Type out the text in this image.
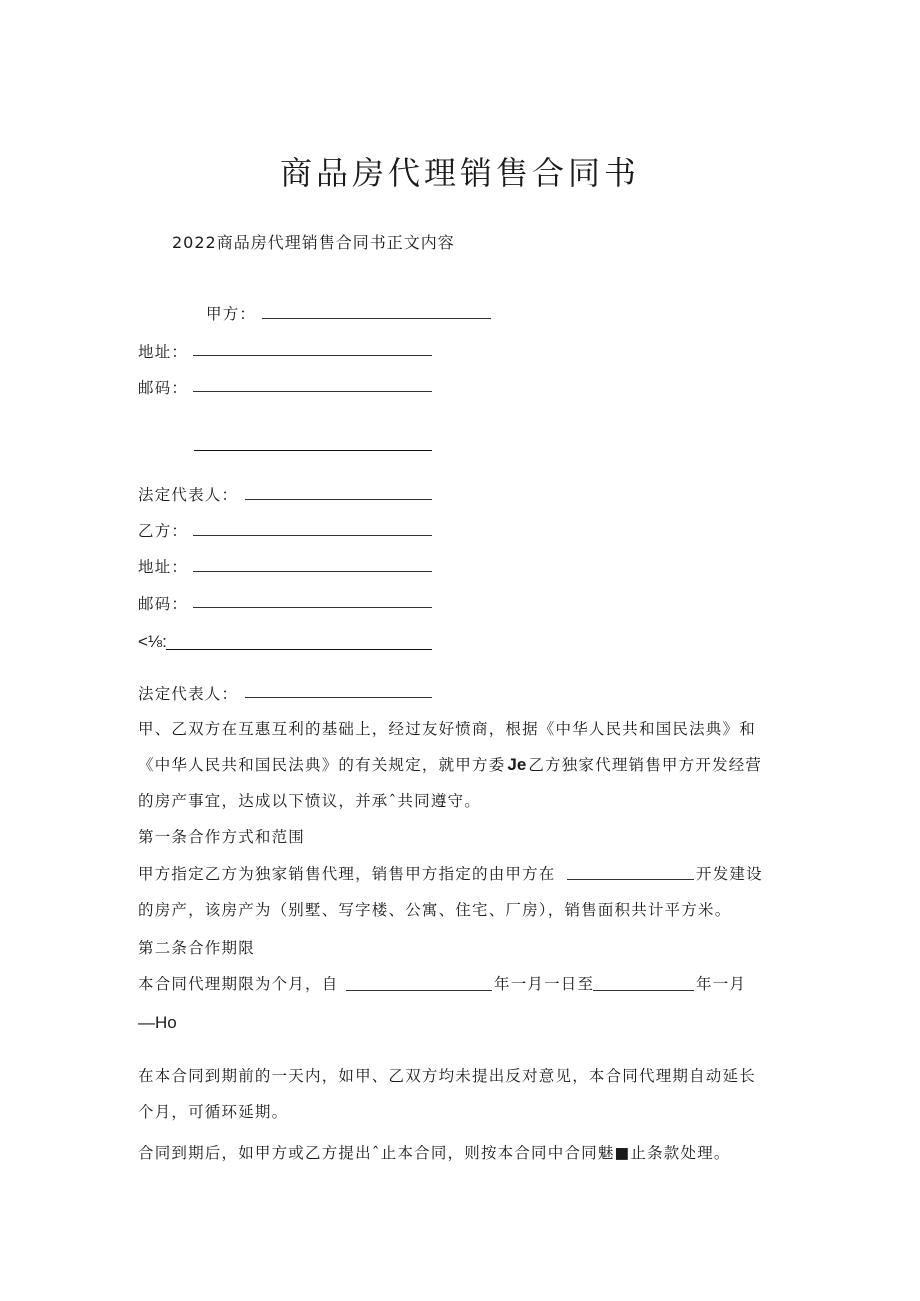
商品房代理销售合同书
2022商品房代理销售合同书正文内容
甲方：
地址：
邮码：
法定代表人：
乙方：
地址：
邮码：
<⅛:
法定代表人：
甲、乙双方在互惠互利的基础上，经过友好愤商，根据《中华人民共和国民法典》和
《中华人民共和国民法典》的有关规定，就甲方委 Je 乙方独家代理销售甲方开发经营
的房产事宜，达成以下愤议，并承ˆ共同遵守。
第一条合作方式和范围
甲方指定乙方为独家销售代理，销售甲方指定的由甲方在	开发建设
的房产，该房产为（别墅、写字楼、公寓、住宅、厂房），销售面积共计平方米。
第二条合作期限
本合同代理期限为个月，自	年一月一日至	年一月
—Ho
在本合同到期前的一天内，如甲、乙双方均未提出反对意见，本合同代理期自动延长
个月，可循环延期。
合同到期后，如甲方或乙方提出ˆ止本合同，则按本合同中合同魅■止条款处理。
